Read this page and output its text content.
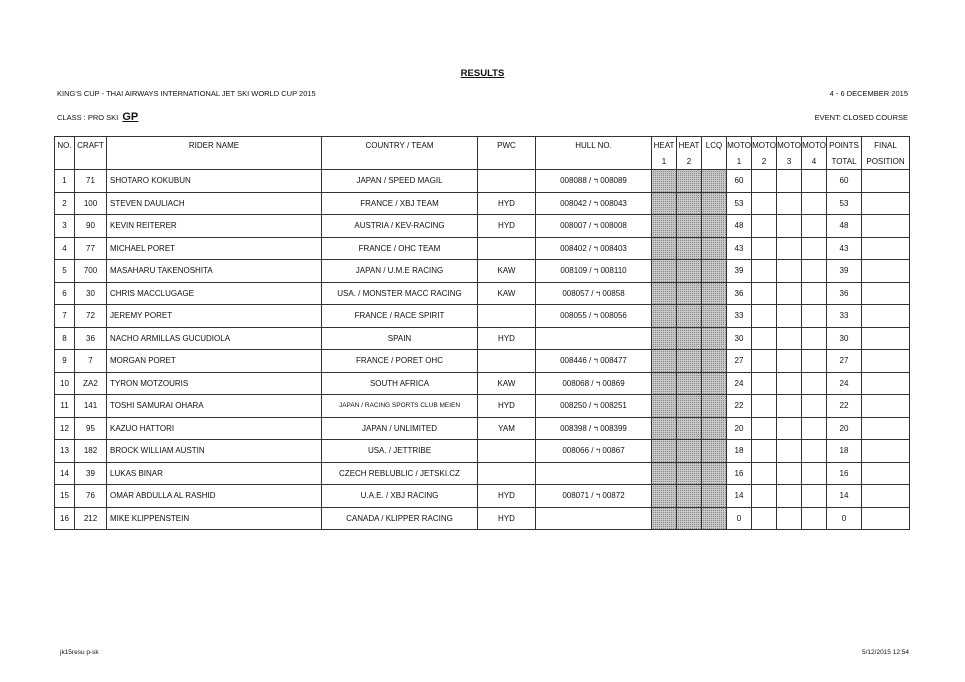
RESULTS
KING'S CUP - THAI AIRWAYS INTERNATIONAL JET SKI WORLD CUP 2015	4 - 6 DECEMBER 2015
CLASS : PRO SKI GP	EVENT: CLOSED COURSE
NO.	CRAFT	RIDER NAME	COUNTRY / TEAM	PWC	HULL NO.	HEAT	HEAT	LCQ	MOTO	MOTO	MOTO	MOTO	POINTS	FINAL
						1	2		1	2	3	4	TOTAL	POSITION
1	71	SHOTARO KOKUBUN	JAPAN / SPEED MAGIL		008088 / ฯ 008089				60				60	
2	100	STEVEN DAULIACH	FRANCE / XBJ TEAM	HYD	008042 / ฯ 008043				53				53	
3	90	KEVIN REITERER	AUSTRIA / KEV-RACING	HYD	008007 / ฯ 008008				48				48	
4	77	MICHAEL PORET	FRANCE / OHC TEAM		008402 / ฯ 008403				43				43	
5	700	MASAHARU TAKENOSHITA	JAPAN / U.M.E RACING	KAW	008109 / ฯ 008110				39				39	
6	30	CHRIS MACCLUGAGE	USA. / MONSTER MACC RACING	KAW	008057 / ฯ 00858				36				36	
7	72	JEREMY PORET	FRANCE / RACE SPIRIT		008055 / ฯ 008056				33				33	
8	36	NACHO ARMILLAS GUCUDIOLA	SPAIN	HYD					30				30	
9	7	MORGAN PORET	FRANCE / PORET OHC		008446 / ฯ 008477				27				27	
10	ZA2	TYRON MOTZOURIS	SOUTH AFRICA	KAW	008068 / ฯ 00869				24				24	
11	141	TOSHI SAMURAI OHARA	JAPAN / RACING SPORTS CLUB MEIEN	HYD	008250 / ฯ 008251				22				22	
12	95	KAZUO HATTORI	JAPAN / UNLIMITED	YAM	008398 / ฯ 008399				20				20	
13	182	BROCK WILLIAM AUSTIN	USA. / JETTRIBE		008066 / ฯ 00867				18				18	
14	39	LUKAS BINAR	CZECH REBLUBLIC / JETSKI.CZ						16				16	
15	76	OMAR ABDULLA AL RASHID	U.A.E. / XBJ RACING	HYD	008071 / ฯ 00872				14				14	
16	212	MIKE KLIPPENSTEIN	CANADA / KLIPPER RACING	HYD					0				0	
jk15resu p-sk	5/12/2015 12:54
